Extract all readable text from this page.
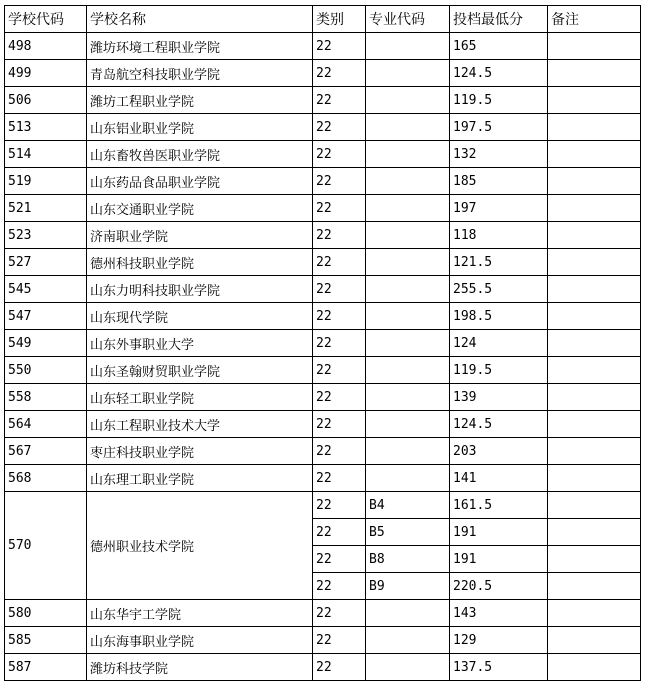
学校代码	学校名称	类别	专业代码	投档最低分	备注
498	潍坊环境工程职业学院	22		165	
499	青岛航空科技职业学院	22		124.5	
506	潍坊工程职业学院	22		119.5	
513	山东铝业职业学院	22		197.5	
514	山东畜牧兽医职业学院	22		132	
519	山东药品食品职业学院	22		185	
521	山东交通职业学院	22		197	
523	济南职业学院	22		118	
527	德州科技职业学院	22		121.5	
545	山东力明科技职业学院	22		255.5	
547	山东现代学院	22		198.5	
549	山东外事职业大学	22		124	
550	山东圣翰财贸职业学院	22		119.5	
558	山东轻工职业学院	22		139	
564	山东工程职业技术大学	22		124.5	
567	枣庄科技职业学院	22		203	
568	山东理工职业学院	22		141	
570	德州职业技术学院	22	B4	161.5	
		22	B5	191	
		22	B8	191	
		22	B9	220.5	
580	山东华宇工学院	22		143	
585	山东海事职业学院	22		129	
587	潍坊科技学院	22		137.5	
